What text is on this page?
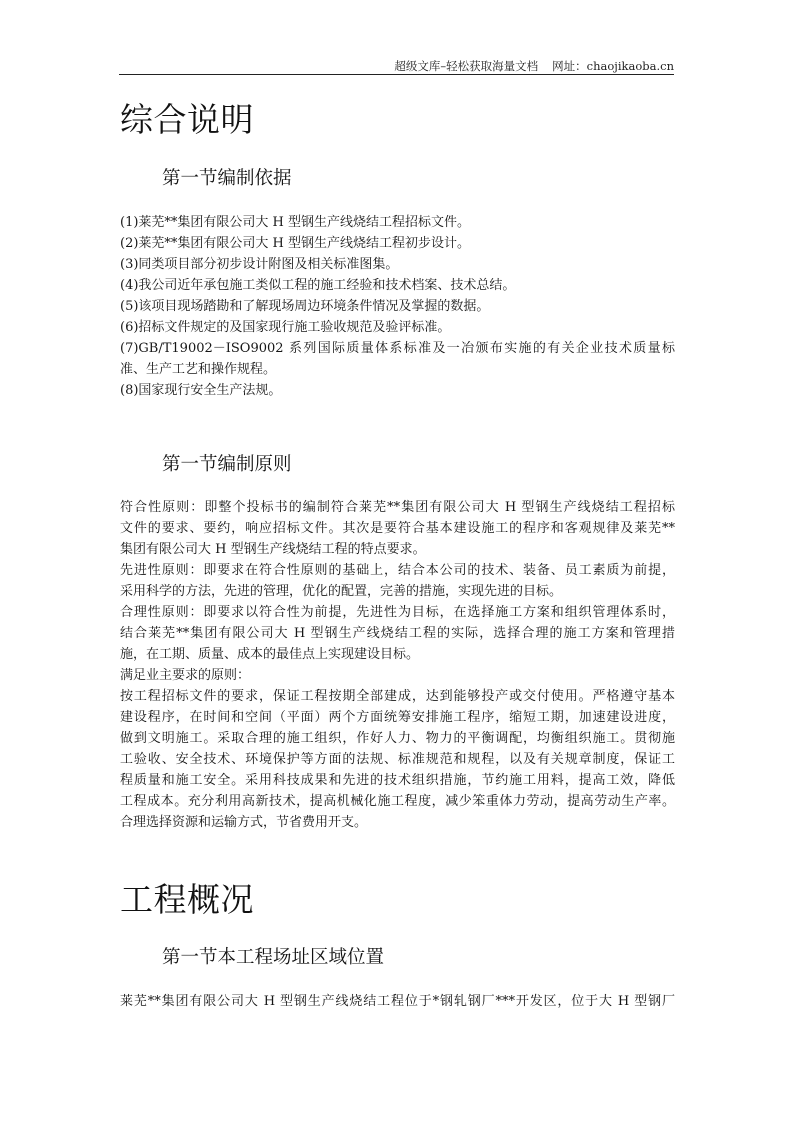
超级文库–轻松获取海量文档 网址：chaojikaoba.cn
综合说明
第一节编制依据
(1)莱芜**集团有限公司大 H 型钢生产线烧结工程招标文件。
(2)莱芜**集团有限公司大 H 型钢生产线烧结工程初步设计。
(3)同类项目部分初步设计附图及相关标准图集。
(4)我公司近年承包施工类似工程的施工经验和技术档案、技术总结。
(5)该项目现场踏勘和了解现场周边环境条件情况及掌握的数据。
(6)招标文件规定的及国家现行施工验收规范及验评标准。
(7)GB/T19002－ISO9002 系列国际质量体系标准及一冶颁布实施的有关企业技术质量标
准、生产工艺和操作规程。
(8)国家现行安全生产法规。
第一节编制原则
符合性原则：即整个投标书的编制符合莱芜**集团有限公司大 H 型钢生产线烧结工程招标
文件的要求、要约，响应招标文件。其次是要符合基本建设施工的程序和客观规律及莱芜**
集团有限公司大 H 型钢生产线烧结工程的特点要求。
先进性原则：即要求在符合性原则的基础上，结合本公司的技术、装备、员工素质为前提，
采用科学的方法，先进的管理，优化的配置，完善的措施，实现先进的目标。
合理性原则：即要求以符合性为前提，先进性为目标，在选择施工方案和组织管理体系时，
结合莱芜**集团有限公司大 H 型钢生产线烧结工程的实际，选择合理的施工方案和管理措
施，在工期、质量、成本的最佳点上实现建设目标。
满足业主要求的原则：
按工程招标文件的要求，保证工程按期全部建成，达到能够投产或交付使用。严格遵守基本
建设程序，在时间和空间（平面）两个方面统筹安排施工程序，缩短工期，加速建设进度，
做到文明施工。采取合理的施工组织，作好人力、物力的平衡调配，均衡组织施工。贯彻施
工验收、安全技术、环境保护等方面的法规、标准规范和规程，以及有关规章制度，保证工
程质量和施工安全。采用科技成果和先进的技术组织措施，节约施工用料，提高工效，降低
工程成本。充分利用高新技术，提高机械化施工程度，减少笨重体力劳动，提高劳动生产率。
合理选择资源和运输方式，节省费用开支。
工程概况
第一节本工程场址区域位置
莱芜**集团有限公司大 H 型钢生产线烧结工程位于*钢轧钢厂***开发区，位于大 H 型钢厂
